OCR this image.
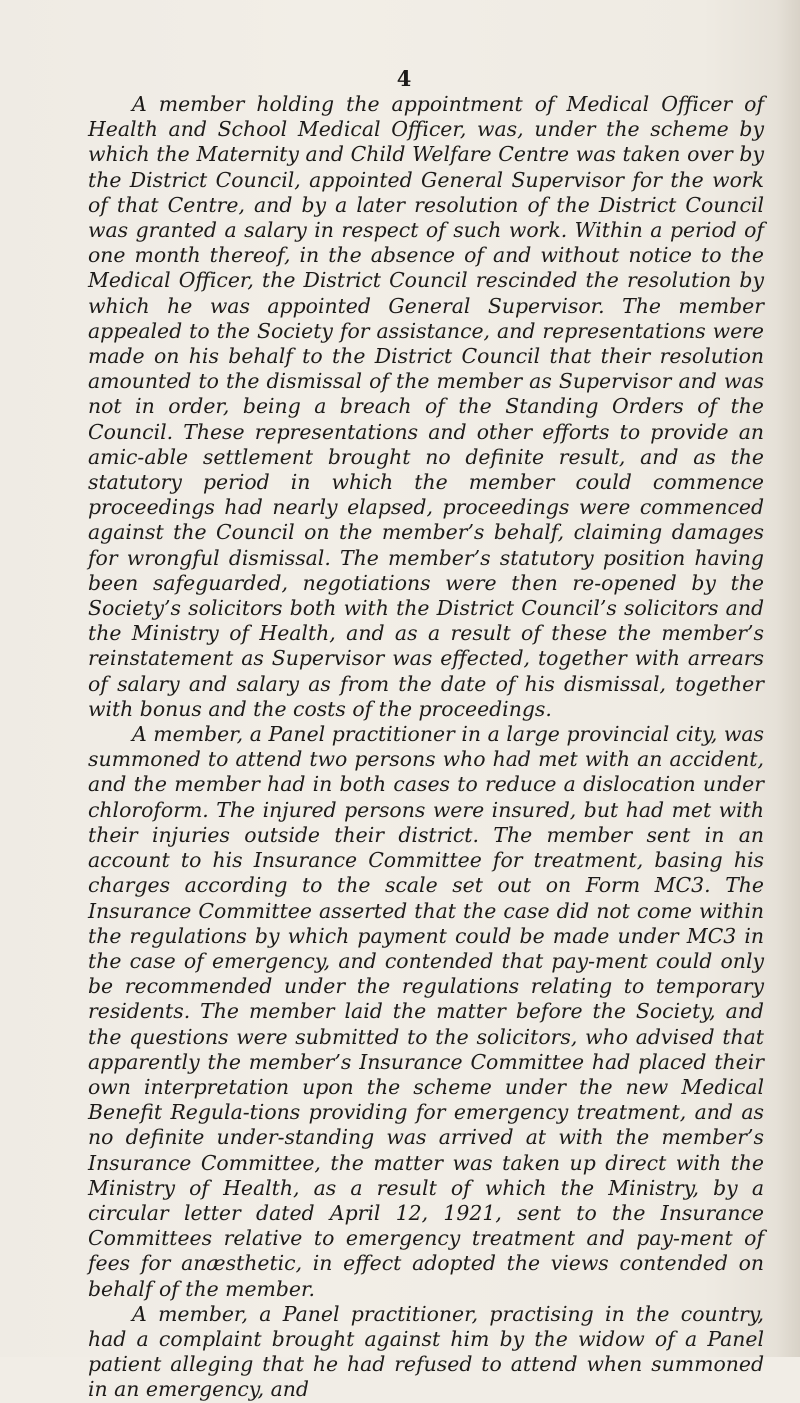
4

A member holding the appointment of Medical Officer of Health and School Medical Officer, was, under the scheme by which the Maternity and Child Welfare Centre was taken over by the District Council, appointed General Supervisor for the work of that Centre, and by a later resolution of the District Council was granted a salary in respect of such work. Within a period of one month thereof, in the absence of and without notice to the Medical Officer, the District Council rescinded the resolution by which he was appointed General Supervisor. The member appealed to the Society for assistance, and representations were made on his behalf to the District Council that their resolution amounted to the dismissal of the member as Supervisor and was not in order, being a breach of the Standing Orders of the Council. These representations and other efforts to provide an amic-able settlement brought no definite result, and as the statutory period in which the member could commence proceedings had nearly elapsed, proceedings were commenced against the Council on the member’s behalf, claiming damages for wrongful dismissal. The member’s statutory position having been safeguarded, negotiations were then re-opened by the Society’s solicitors both with the District Council’s solicitors and the Ministry of Health, and as a result of these the member’s reinstatement as Supervisor was effected, together with arrears of salary and salary as from the date of his dismissal, together with bonus and the costs of the proceedings.

A member, a Panel practitioner in a large provincial city, was summoned to attend two persons who had met with an accident, and the member had in both cases to reduce a dislocation under chloroform. The injured persons were insured, but had met with their injuries outside their district. The member sent in an account to his Insurance Committee for treatment, basing his charges according to the scale set out on Form MC3. The Insurance Committee asserted that the case did not come within the regulations by which payment could be made under MC3 in the case of emergency, and contended that pay-ment could only be recommended under the regulations relating to temporary residents. The member laid the matter before the Society, and the questions were submitted to the solicitors, who advised that apparently the member’s Insurance Committee had placed their own interpretation upon the scheme under the new Medical Benefit Regula-tions providing for emergency treatment, and as no definite under-standing was arrived at with the member’s Insurance Committee, the matter was taken up direct with the Ministry of Health, as a result of which the Ministry, by a circular letter dated April 12, 1921, sent to the Insurance Committees relative to emergency treatment and pay-ment of fees for anæsthetic, in effect adopted the views contended on behalf of the member.

A member, a Panel practitioner, practising in the country, had a complaint brought against him by the widow of a Panel patient alleging that he had refused to attend when summoned in an emergency, and
